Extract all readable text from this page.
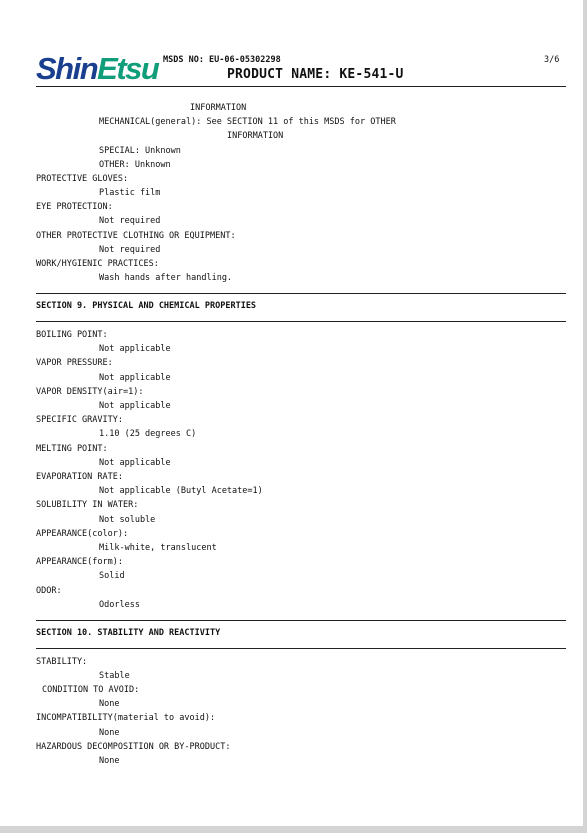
ShinEtsu MSDS NO: EU-06-05302298
PRODUCT NAME: KE-541-U
3/6
INFORMATION
MECHANICAL(general): See SECTION 11 of this MSDS for OTHER
INFORMATION
SPECIAL: Unknown
OTHER: Unknown
PROTECTIVE GLOVES:
Plastic film
EYE PROTECTION:
Not required
OTHER PROTECTIVE CLOTHING OR EQUIPMENT:
Not required
WORK/HYGIENIC PRACTICES:
Wash hands after handling.
SECTION 9. PHYSICAL AND CHEMICAL PROPERTIES
BOILING POINT:
Not applicable
VAPOR PRESSURE:
Not applicable
VAPOR DENSITY(air=1):
Not applicable
SPECIFIC GRAVITY:
1.10 (25 degrees C)
MELTING POINT:
Not applicable
EVAPORATION RATE:
Not applicable (Butyl Acetate=1)
SOLUBILITY IN WATER:
Not soluble
APPEARANCE(color):
Milk-white, translucent
APPEARANCE(form):
Solid
ODOR:
Odorless
SECTION 10. STABILITY AND REACTIVITY
STABILITY:
Stable
CONDITION TO AVOID:
None
INCOMPATIBILITY(material to avoid):
None
HAZARDOUS DECOMPOSITION OR BY-PRODUCT:
None
